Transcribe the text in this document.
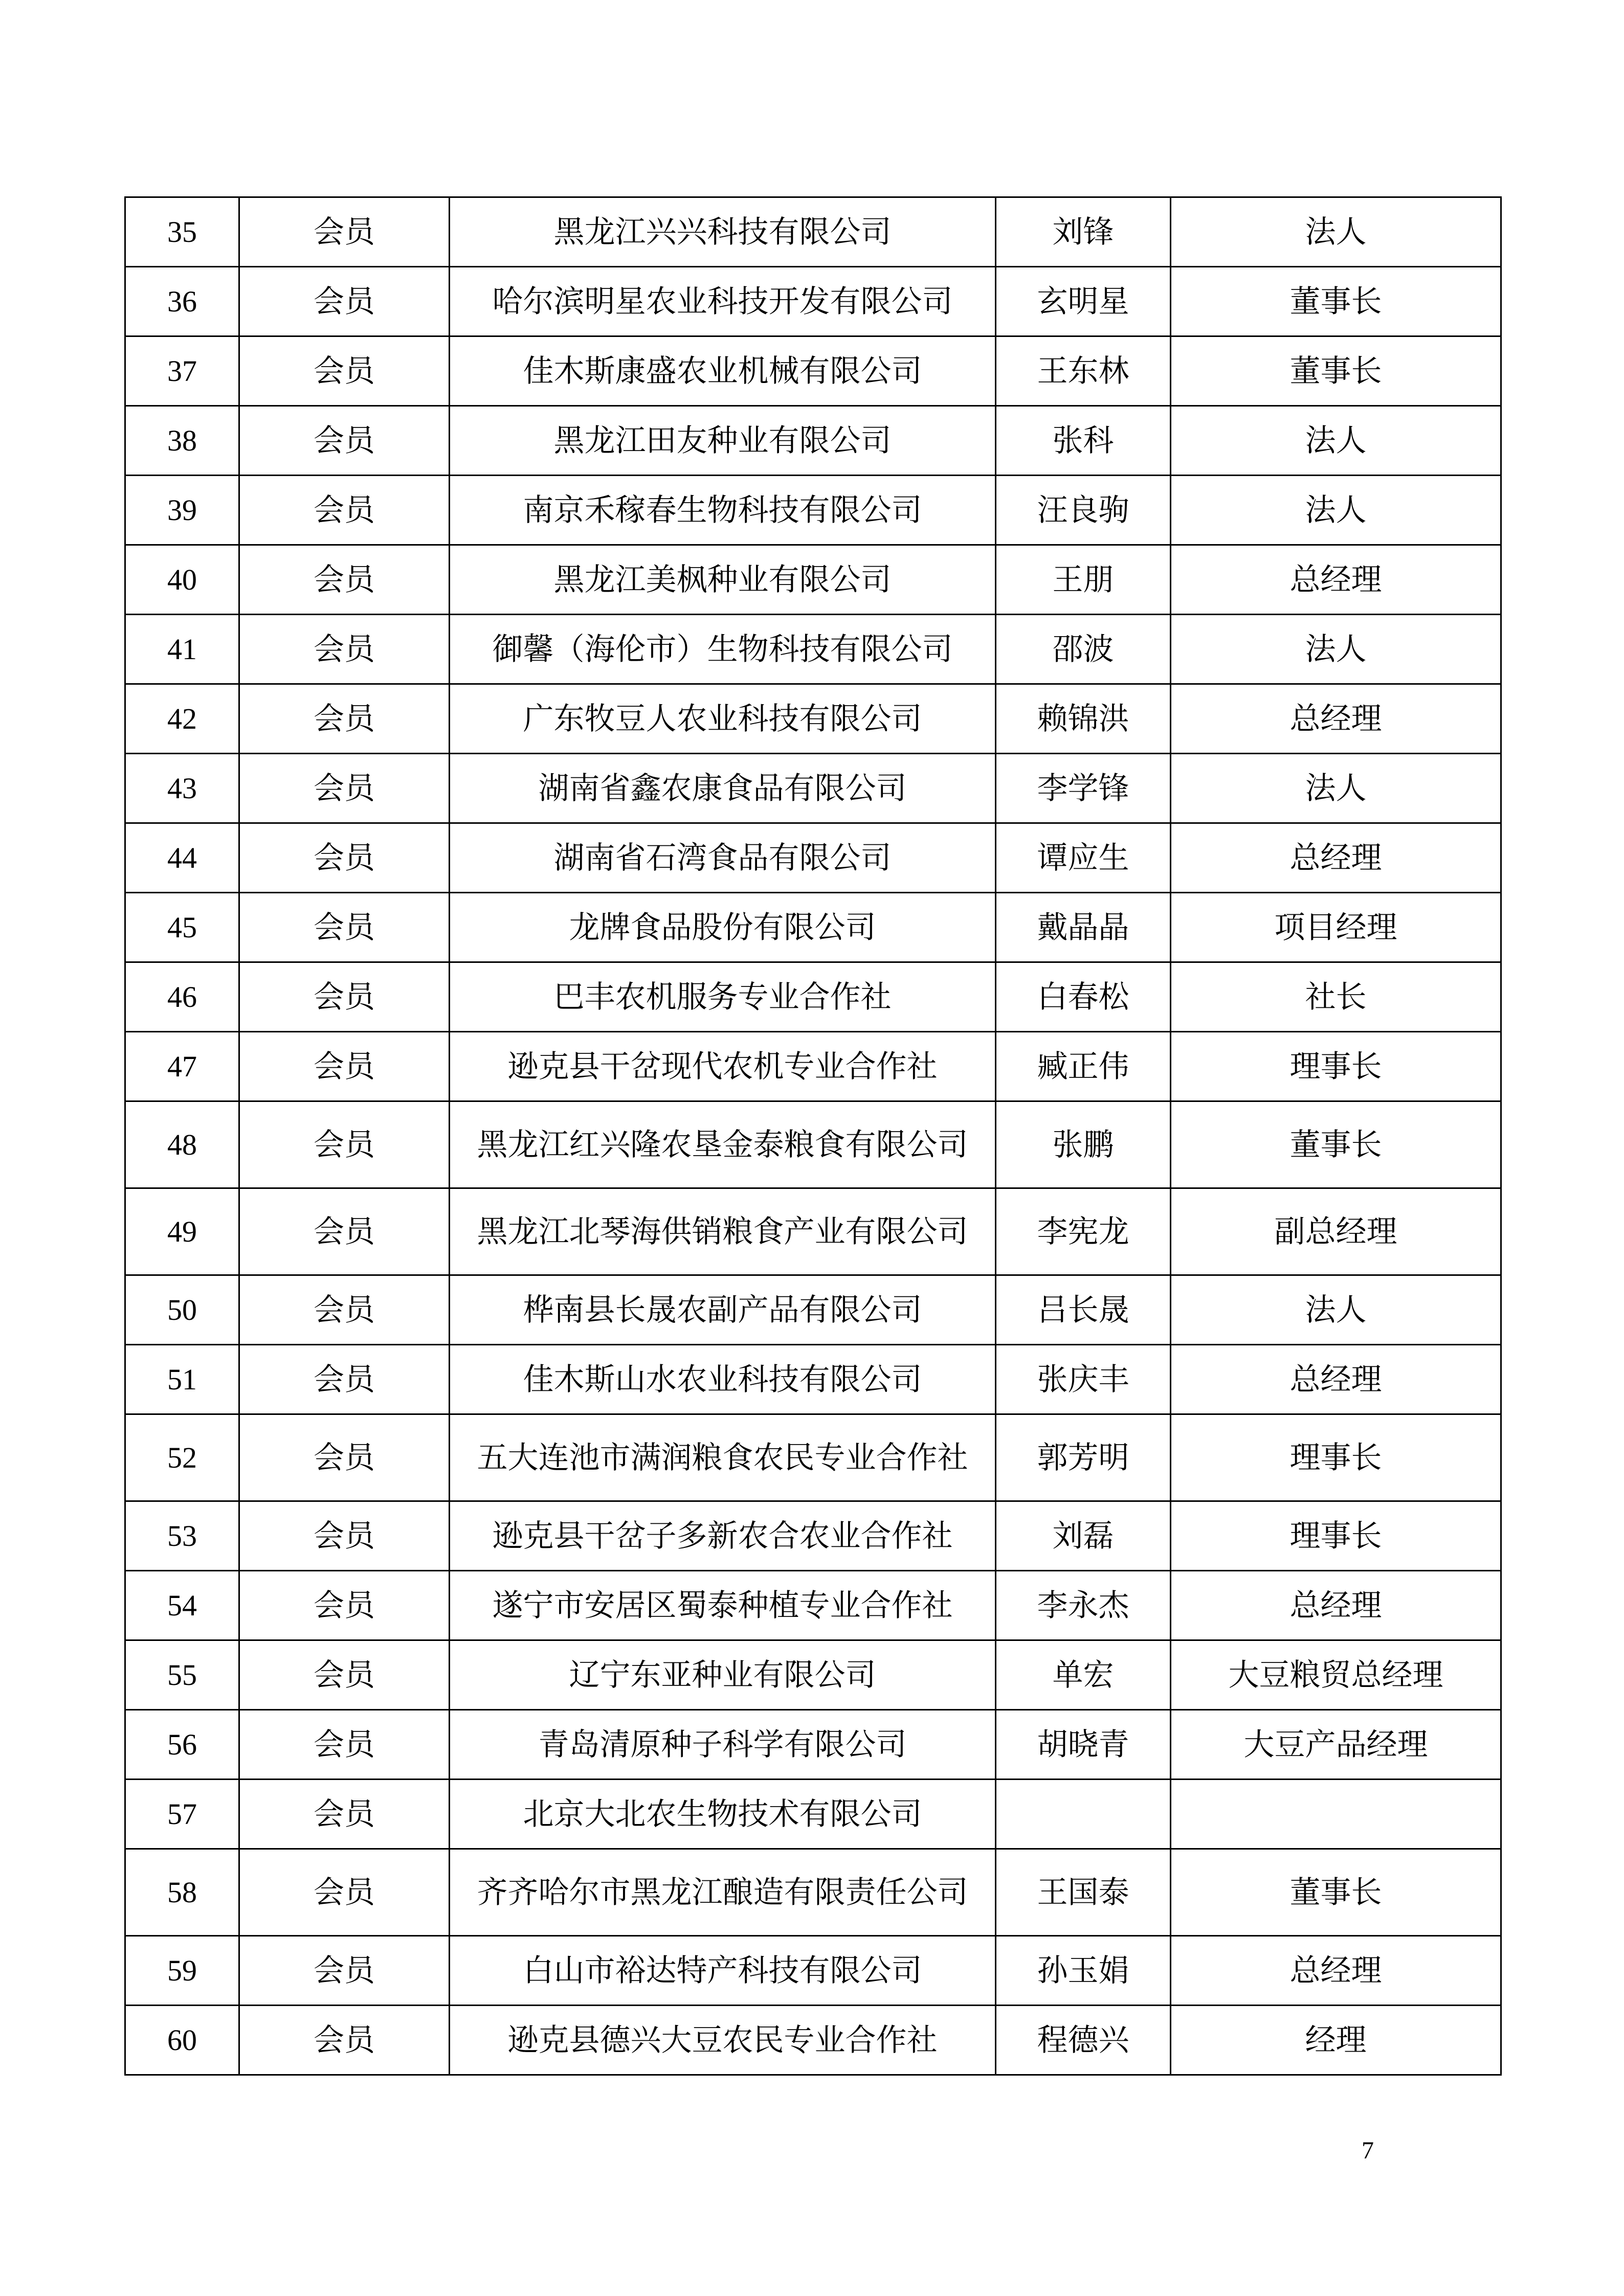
35	会员	黑龙江兴兴科技有限公司	刘锋	法人
36	会员	哈尔滨明星农业科技开发有限公司	玄明星	董事长
37	会员	佳木斯康盛农业机械有限公司	王东林	董事长
38	会员	黑龙江田友种业有限公司	张科	法人
39	会员	南京禾稼春生物科技有限公司	汪良驹	法人
40	会员	黑龙江美枫种业有限公司	王朋	总经理
41	会员	御馨（海伦市）生物科技有限公司	邵波	法人
42	会员	广东牧豆人农业科技有限公司	赖锦洪	总经理
43	会员	湖南省鑫农康食品有限公司	李学锋	法人
44	会员	湖南省石湾食品有限公司	谭应生	总经理
45	会员	龙牌食品股份有限公司	戴晶晶	项目经理
46	会员	巴丰农机服务专业合作社	白春松	社长
47	会员	逊克县干岔现代农机专业合作社	臧正伟	理事长
48	会员	黑龙江红兴隆农垦金泰粮食有限公司	张鹏	董事长
49	会员	黑龙江北琴海供销粮食产业有限公司	李宪龙	副总经理
50	会员	桦南县长晟农副产品有限公司	吕长晟	法人
51	会员	佳木斯山水农业科技有限公司	张庆丰	总经理
52	会员	五大连池市满润粮食农民专业合作社	郭芳明	理事长
53	会员	逊克县干岔子多新农合农业合作社	刘磊	理事长
54	会员	遂宁市安居区蜀泰种植专业合作社	李永杰	总经理
55	会员	辽宁东亚种业有限公司	单宏	大豆粮贸总经理
56	会员	青岛清原种子科学有限公司	胡晓青	大豆产品经理
57	会员	北京大北农生物技术有限公司		
58	会员	齐齐哈尔市黑龙江酿造有限责任公司	王国泰	董事长
59	会员	白山市裕达特产科技有限公司	孙玉娟	总经理
60	会员	逊克县德兴大豆农民专业合作社	程德兴	经理
7
